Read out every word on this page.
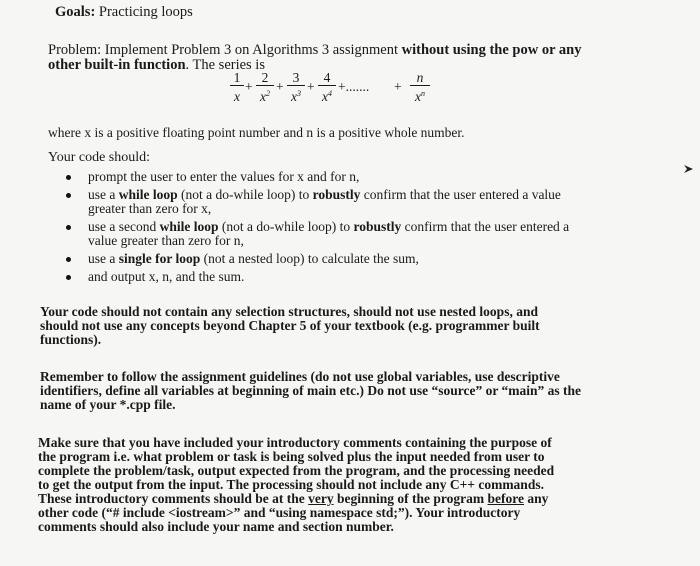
Goals: Practicing loops
Problem: Implement Problem 3 on Algorithms 3 assignment without using the pow or any
other built-in function. The series is
1
x
+
2
$x^2$ +
3
$x^3$ +
4
$x^4$ +....... +
n
$x^n$
where x is a positive floating point number and n is a positive whole number.
Your code should:
prompt the user to enter the values for x and for n,
use a while loop (not a do-while loop) to robustly confirm that the user entered a value
greater than zero for x,
use a second while loop (not a do-while loop) to robustly confirm that the user entered a
value greater than zero for n,
use a single for loop (not a nested loop) to calculate the sum,
and output x, n, and the sum.
Your code should not contain any selection structures, should not use nested loops, and
should not use any concepts beyond Chapter 5 of your textbook (e.g. programmer built
functions).
Remember to follow the assignment guidelines (do not use global variables, use descriptive
identifiers, define all variables at beginning of main etc.) Do not use “source” or “main” as the
name of your *.cpp file.
Make sure that you have included your introductory comments containing the purpose of
the program i.e. what problem or task is being solved plus the input needed from user to
complete the problem/task, output expected from the program, and the processing needed
to get the output from the input. The processing should not include any C++ commands.
These introductory comments should be at the very beginning of the program before any
other code (“# include <iostream>” and “using namespace std;”). Your introductory
comments should also include your name and section number.
